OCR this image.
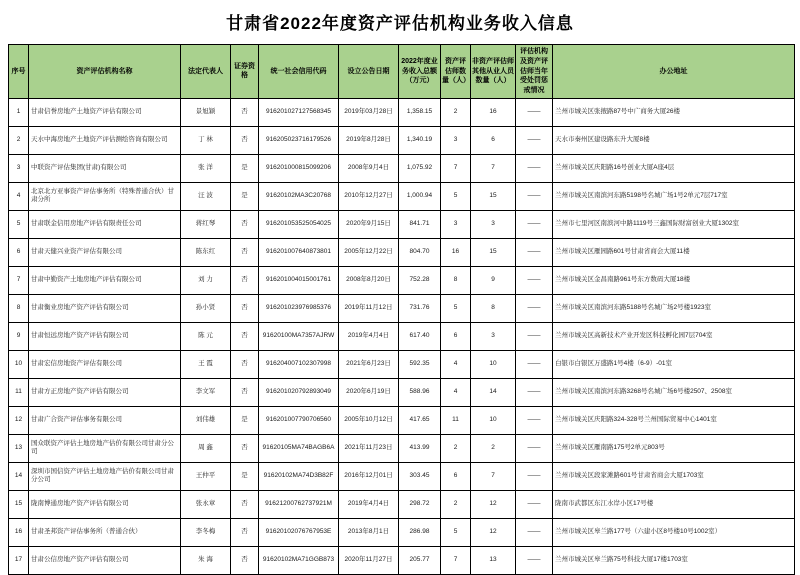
甘肃省2022年度资产评估机构业务收入信息
序号	资产评估机构名称	法定代表人	证券资格	统一社会信用代码	设立公告日期	2022年度业务收入总额（万元）	资产评估师数量（人）	非资产评估师其他从业人员数量（人）	评估机构及资产评估师当年受处罚惩戒情况	办公地址
1	甘肃信誉房地产土地资产评估有限公司	景旭颖	否	916201027127568345	2019年03月28日	1,358.15	2	16	——	兰州市城关区张掖路87号中广商务大厦26楼
2	天水中海房地产土地资产评估测绘咨询有限公司	丁 林	否	916205023716179526	2019年8月28日	1,340.19	3	6	——	天水市秦州区建设路东升大厦8楼
3	中联资产评估集团(甘肃)有限公司	张 洋	是	916201000815099206	2008年9月4日	1,075.92	7	7	——	兰州市城关区庆阳路16号创业大厦A座4层
4	北京北方亚事资产评估事务所（特殊普通合伙）甘肃分所	汪 波	是	91620102MA3C20768	2010年12月27日	1,000.94	5	15	——	兰州市城关区南滨河东路5198号名城广场1号2单元7层717室
5	甘肃联金信用房地产评估有限责任公司	蒋红琴	否	916201053525054025	2020年9月15日	841.71	3	3	——	兰州市七里河区南滨河中路1119号三鑫国际财富创业大厦1302室
6	甘肃天健兴业资产评估有限公司	陈东红	否	916201007640873801	2005年12月22日	804.70	16	15	——	兰州市城关区雁园路601号甘肃省商会大厦11楼
7	甘肃中勤资产土地房地产评估有限公司	刘 力	否	916201004015001761	2008年8月20日	752.28	8	9	——	兰州市城关区金昌南路961号东方数码大厦18楼
8	甘肃衡业房地产资产评估有限公司	孙小贤	否	916201023976985376	2019年11月12日	731.76	5	8	——	兰州市城关区南滨河东路5188号名城广场2号楼1923室
9	甘肃恒远房地产资产评估有限公司	陈 元	否	91620100MA7357AJRW	2019年4月4日	617.40	6	3	——	兰州市城关区高新技术产业开发区科技孵化园7层704室
10	甘肃宏信房地资产评估有限公司	王 霞	否	916204007102307998	2021年6月23日	592.35	4	10	——	白银市白银区万盛路1号4楼（6-9）-01室
11	甘肃方正房地产资产评估有限公司	李文军	否	916201020792893049	2020年6月19日	588.96	4	14	——	兰州市城关区南滨河东路3268号名城广场6号楼2507、2508室
12	甘肃广合资产评估事务有限公司	刘伟雄	是	916201007790706560	2005年10月12日	417.65	11	10	——	兰州市城关区庆阳路324-328号兰州国际贸易中心1401室
13	国众联资产评估土地房地产估价有限公司甘肃分公司	周 鑫	否	91620105MA74BAGB6A	2021年11月23日	413.99	2	2	——	兰州市城关区雁南路175号2单元803号
14	深圳市国信资产评估土地房地产估价有限公司甘肃分公司	王仲平	是	91620102MA74D3B82F	2016年12月01日	303.45	6	7	——	兰州市城关区段家滩路601号甘肃省商会大厦1703室
15	陇南博通房地产资产评估有限公司	张永章	否	91621200762737921M	2019年4月4日	298.72	2	12	——	陇南市武都区东江水岸小区17号楼
16	甘肃圣邦资产评估事务所（普通合伙）	李冬梅	否	91620102076767953E	2013年8月1日	286.98	5	12	——	兰州市城关区皋兰路177号（六建小区8号楼10号1002室）
17	甘肃公信房地产资产评估有限公司	朱 海	否	91620102MA71GGB873	2020年11月27日	205.77	7	13	——	兰州市城关区皋兰路75号科技大厦17楼1703室
